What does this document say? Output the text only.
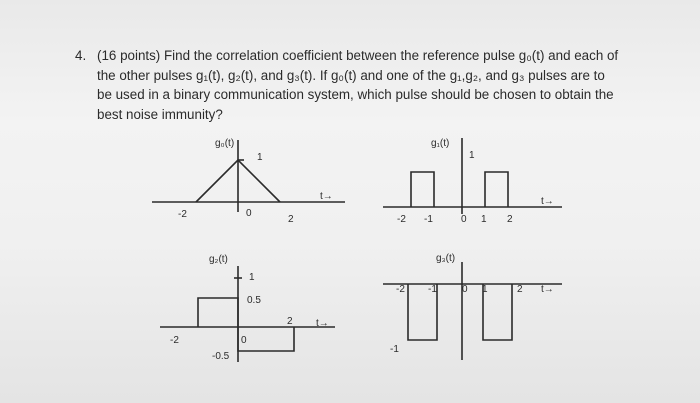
4. (16 points) Find the correlation coefficient between the reference pulse g₀(t) and each of
the other pulses g₁(t), g₂(t), and g₃(t). If g₀(t) and one of the g₁,g₂, and g₃ pulses are to
be used in a binary communication system, which pulse should be chosen to obtain the
best noise immunity?
g₀(t)
1
-2	0
2
t→
g₁(t)
1
-2 -1	0 1 2
t→
g₂(t)
1
0.5
-0.5
-2	0
2 t→
g₃(t)
-2 -1	0 1	2
-1
t→
